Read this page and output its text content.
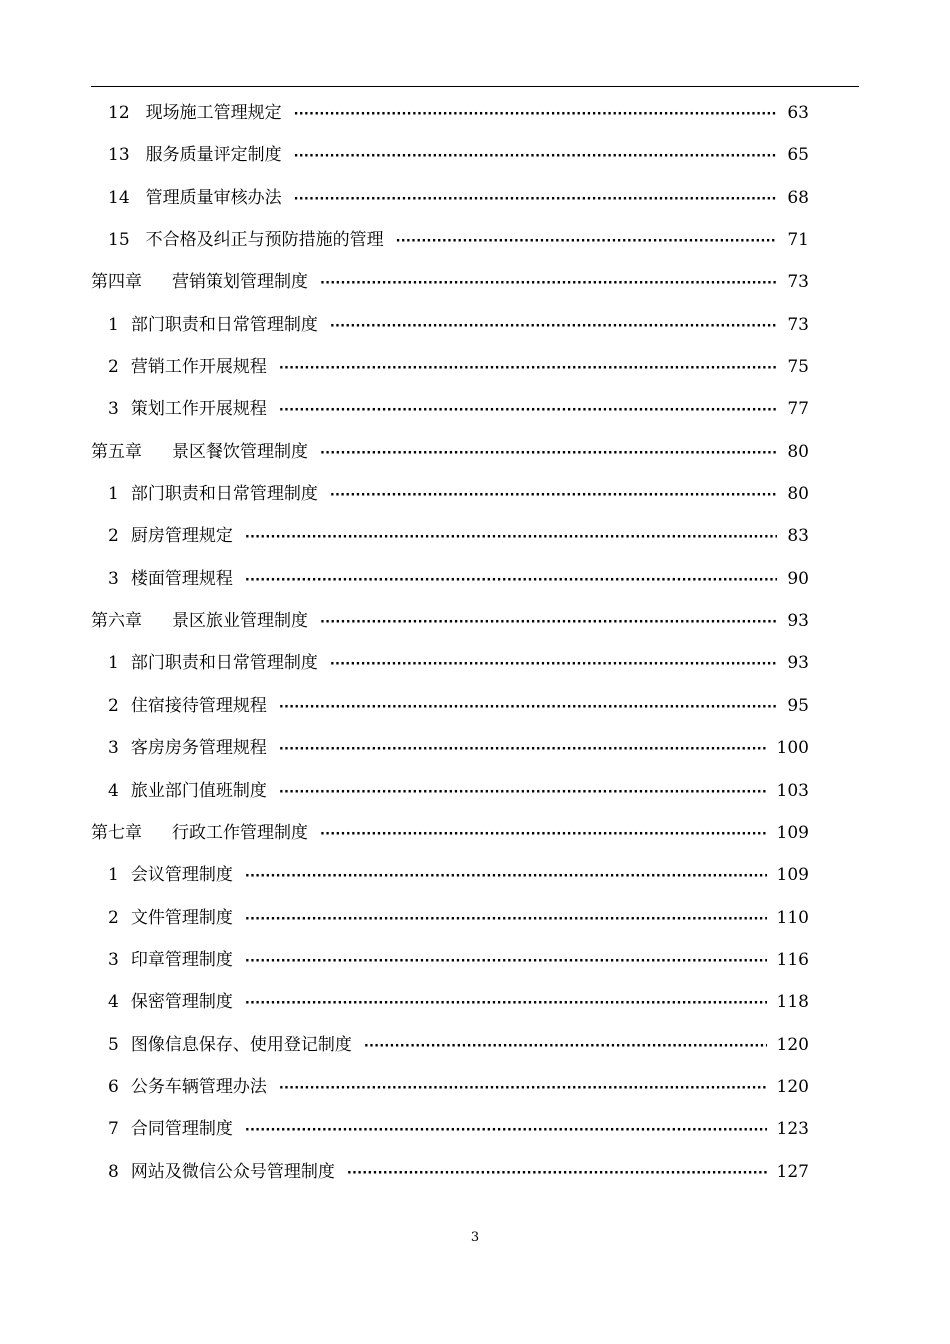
12 现场施工管理规定 ·····	63
13 服务质量评定制度 ·····	65
14 管理质量审核办法 ·····	68
15 不合格及纠正与预防措施的管理 ·····	71
第四章 营销策划管理制度 ·····	73
1 部门职责和日常管理制度 ·····	73
2 营销工作开展规程 ·····	75
3 策划工作开展规程 ·····	77
第五章 景区餐饮管理制度 ·····	80
1 部门职责和日常管理制度 ·····	80
2 厨房管理规定 ·····	83
3 楼面管理规程 ·····	90
第六章 景区旅业管理制度 ·····	93
1 部门职责和日常管理制度 ·····	93
2 住宿接待管理规程 ·····	95
3 客房房务管理规程 ·····	100
4 旅业部门值班制度 ·····	103
第七章 行政工作管理制度 ·····	109
1 会议管理制度 ·····	109
2 文件管理制度 ·····	110
3 印章管理制度 ·····	116
4 保密管理制度 ·····	118
5 图像信息保存、使用登记制度 ·····	120
6 公务车辆管理办法 ·····	120
7 合同管理制度 ·····	123
8 网站及微信公众号管理制度 ·····	127
3
